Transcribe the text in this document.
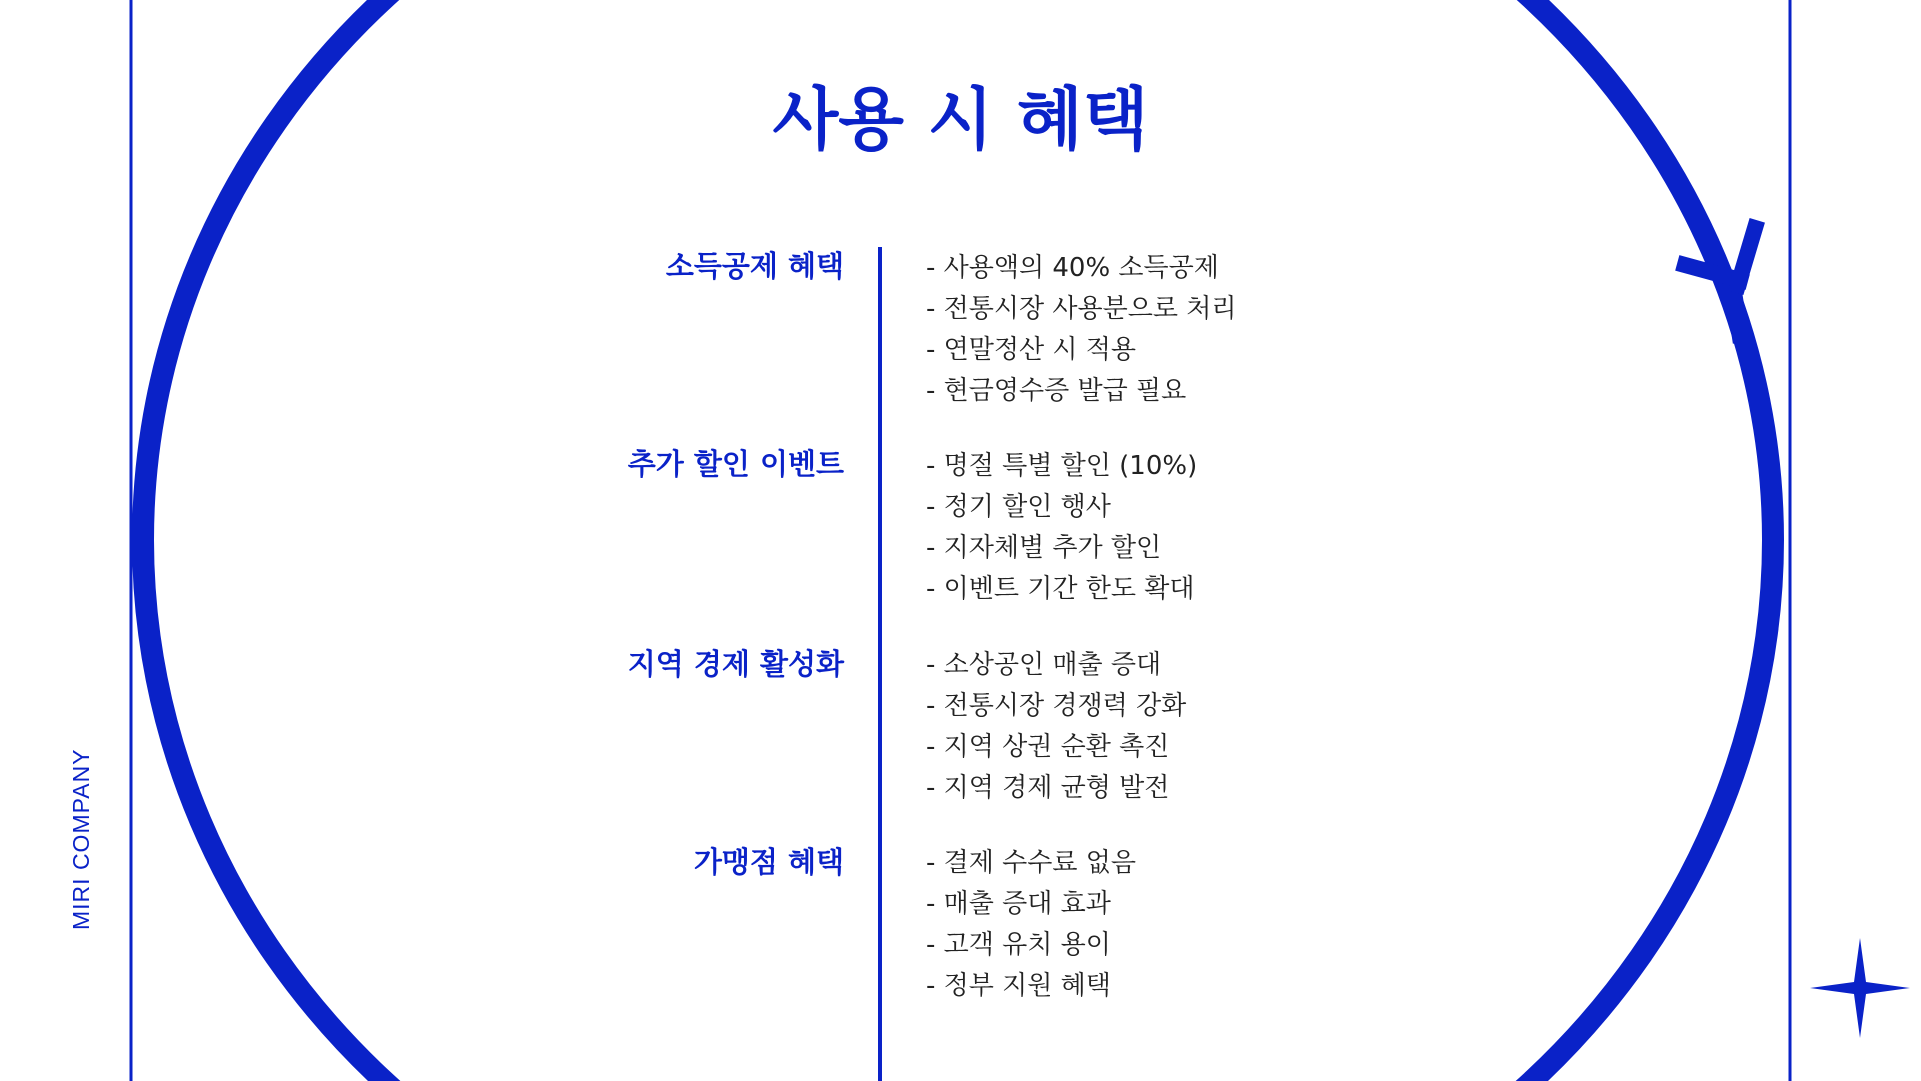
MIRI COMPANY
사용 시 혜택
소득공제 혜택	- 사용액의 40% 소득공제
- 전통시장 사용분으로 처리
- 연말정산 시 적용
- 현금영수증 발급 필요
추가 할인 이벤트	- 명절 특별 할인 (10%)
- 정기 할인 행사
- 지자체별 추가 할인
- 이벤트 기간 한도 확대
지역 경제 활성화	- 소상공인 매출 증대
- 전통시장 경쟁력 강화
- 지역 상권 순환 촉진
- 지역 경제 균형 발전
가맹점 혜택	- 결제 수수료 없음
- 매출 증대 효과
- 고객 유치 용이
- 정부 지원 혜택
